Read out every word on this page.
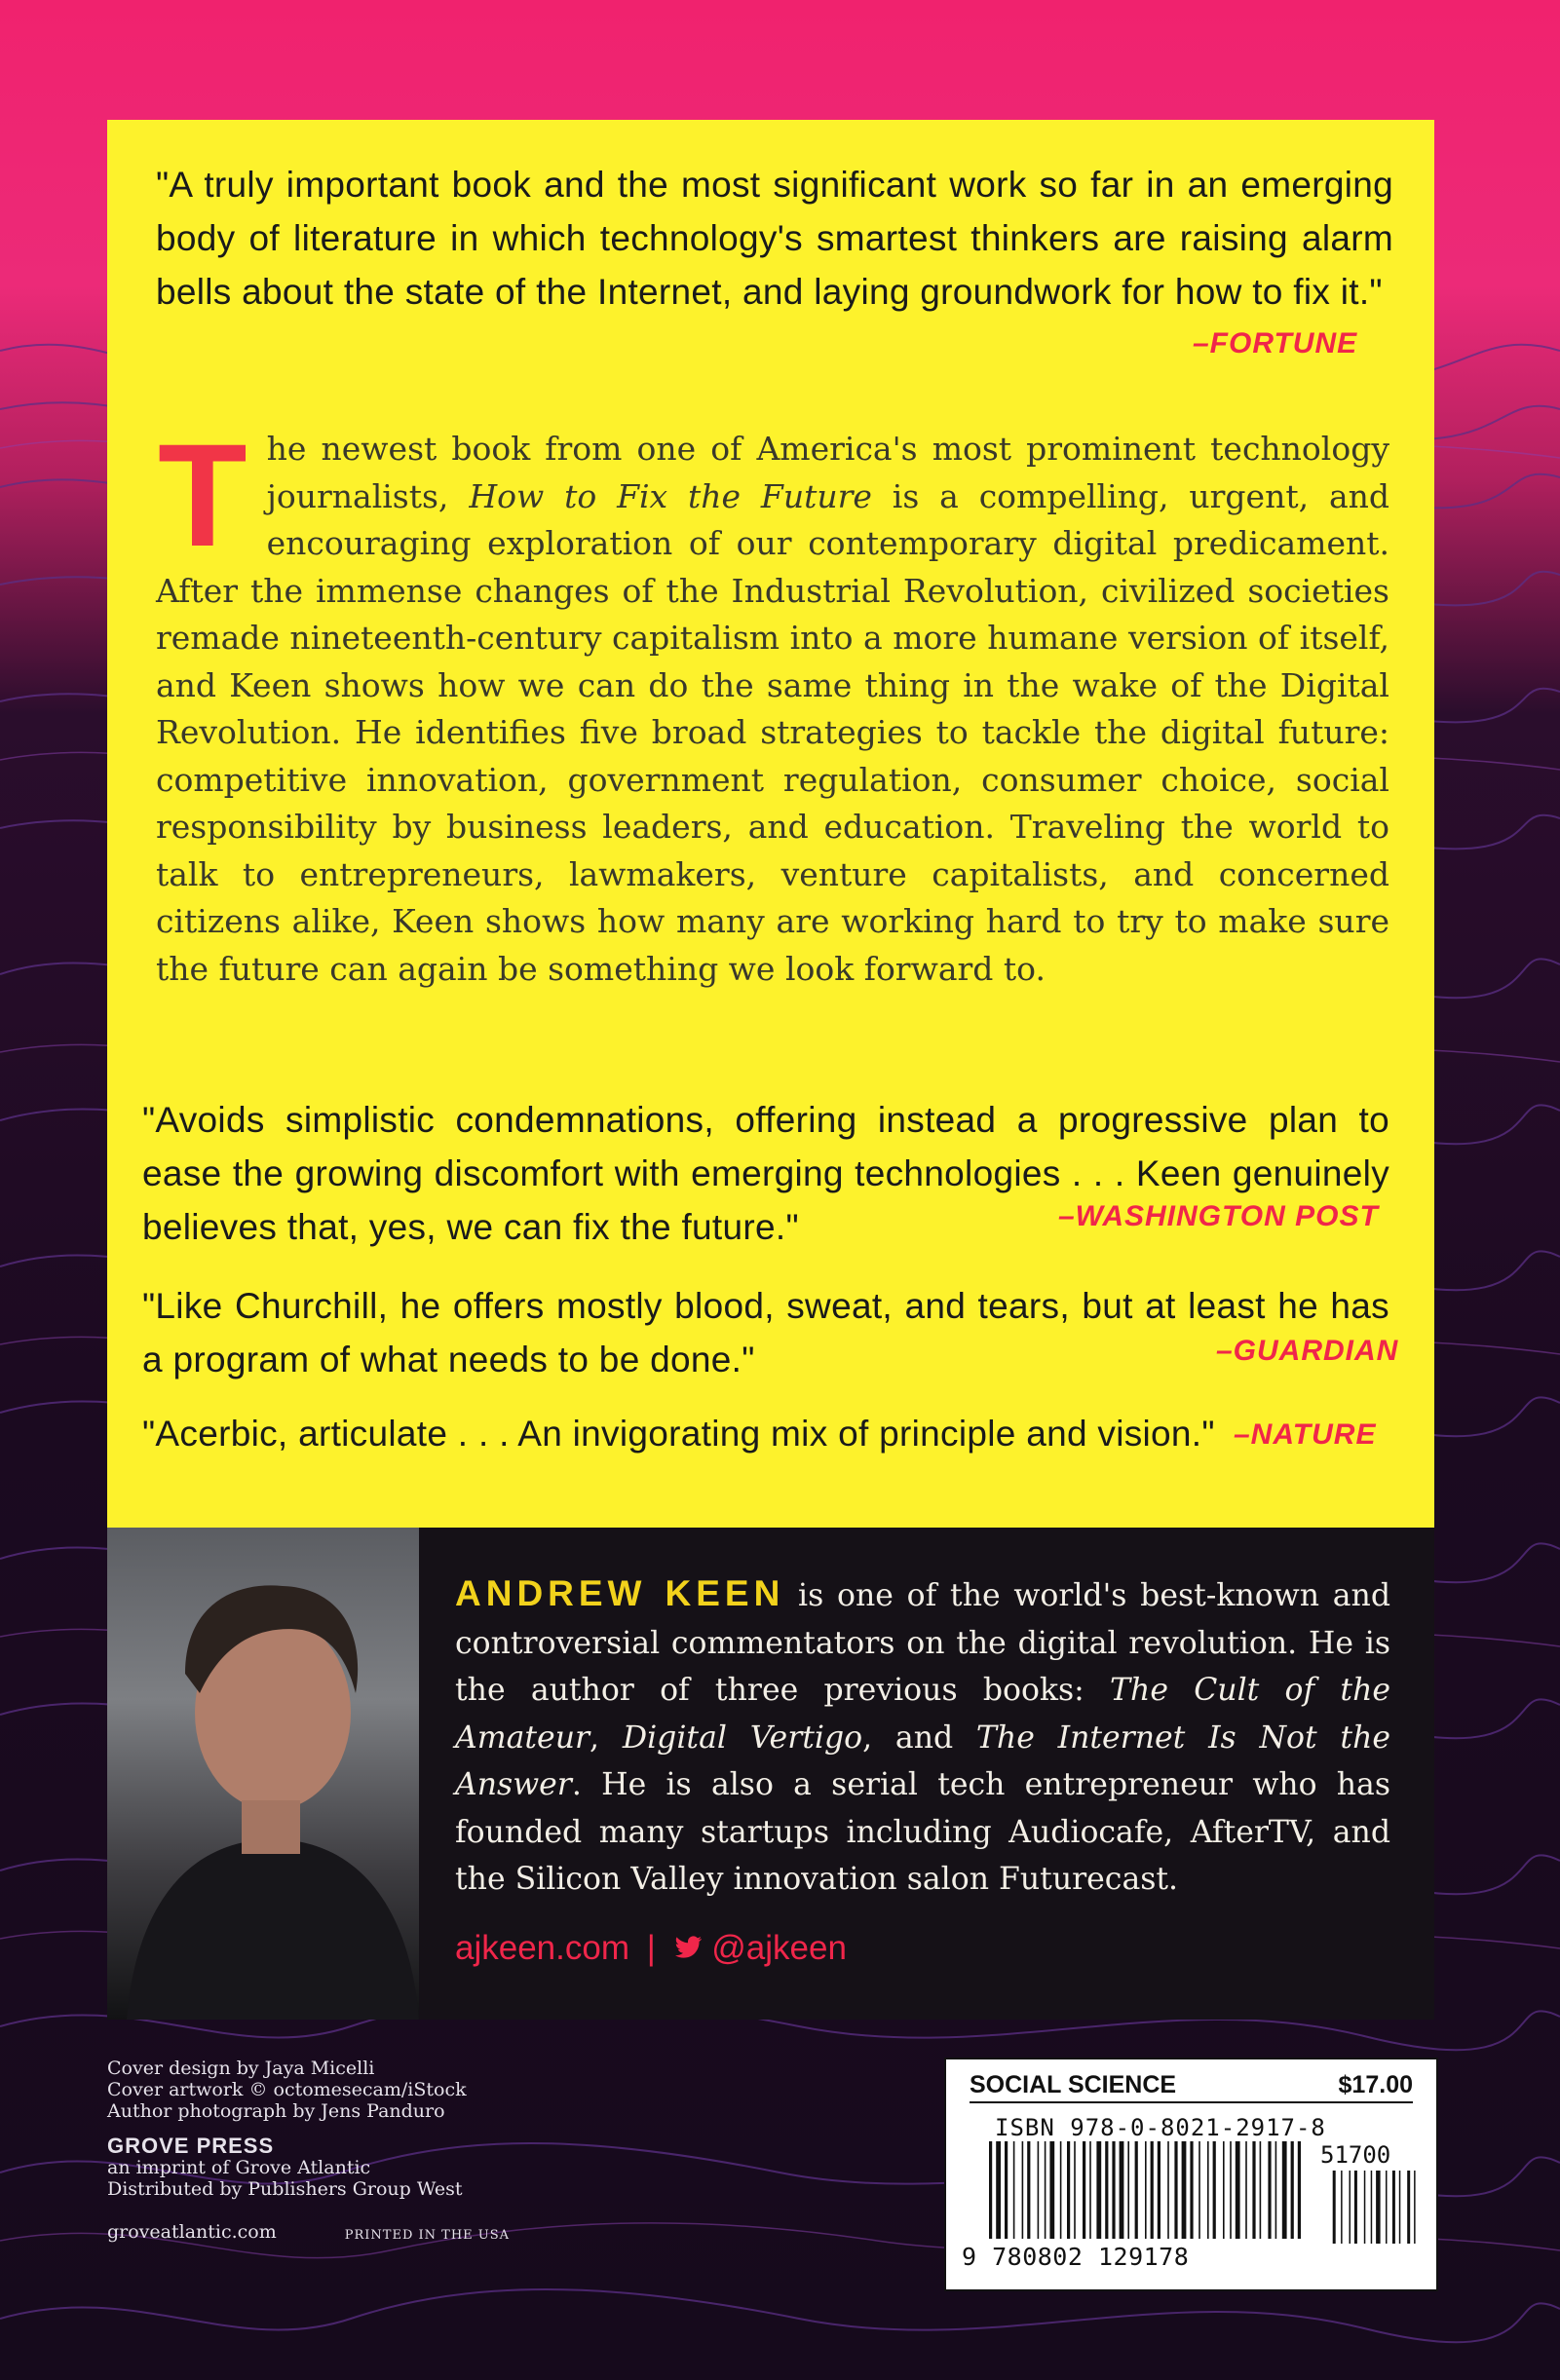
"A truly important book and the most significant work so far in an emerging body of literature in which technology's smartest thinkers are raising alarm bells about the state of the Internet, and laying groundwork for how to fix it."
–FORTUNE
The newest book from one of America's most prominent technology journalists, How to Fix the Future is a compelling, urgent, and encouraging exploration of our contemporary digital predicament. After the immense changes of the Industrial Revolution, civilized societies remade nineteenth-century capitalism into a more humane version of itself, and Keen shows how we can do the same thing in the wake of the Digital Revolution. He identifies five broad strategies to tackle the digital future: competitive innovation, government regulation, consumer choice, social responsibility by business leaders, and education. Traveling the world to talk to entrepreneurs, lawmakers, venture capitalists, and concerned citizens alike, Keen shows how many are working hard to try to make sure the future can again be something we look forward to.
"Avoids simplistic condemnations, offering instead a progressive plan to ease the growing discomfort with emerging technologies . . . Keen genuinely believes that, yes, we can fix the future."	–WASHINGTON POST
"Like Churchill, he offers mostly blood, sweat, and tears, but at least he has a program of what needs to be done."	–GUARDIAN
"Acerbic, articulate . . . An invigorating mix of principle and vision." –NATURE
ANDREW KEEN is one of the world's best-known and controversial commentators on the digital revolution. He is the author of three previous books: The Cult of the Amateur, Digital Vertigo, and The Internet Is Not the Answer. He is also a serial tech entrepreneur who has founded many startups including Audiocafe, AfterTV, and the Silicon Valley innovation salon Futurecast.
ajkeen.com | @ajkeen
Cover design by Jaya Micelli
Cover artwork © octomesecam/iStock
Author photograph by Jens Panduro
GROVE PRESS
an imprint of Grove Atlantic
Distributed by Publishers Group West
groveatlantic.com	PRINTED IN THE USA
SOCIAL SCIENCE	$17.00
ISBN 978-0-8021-2917-8
51700
9 780802 129178
